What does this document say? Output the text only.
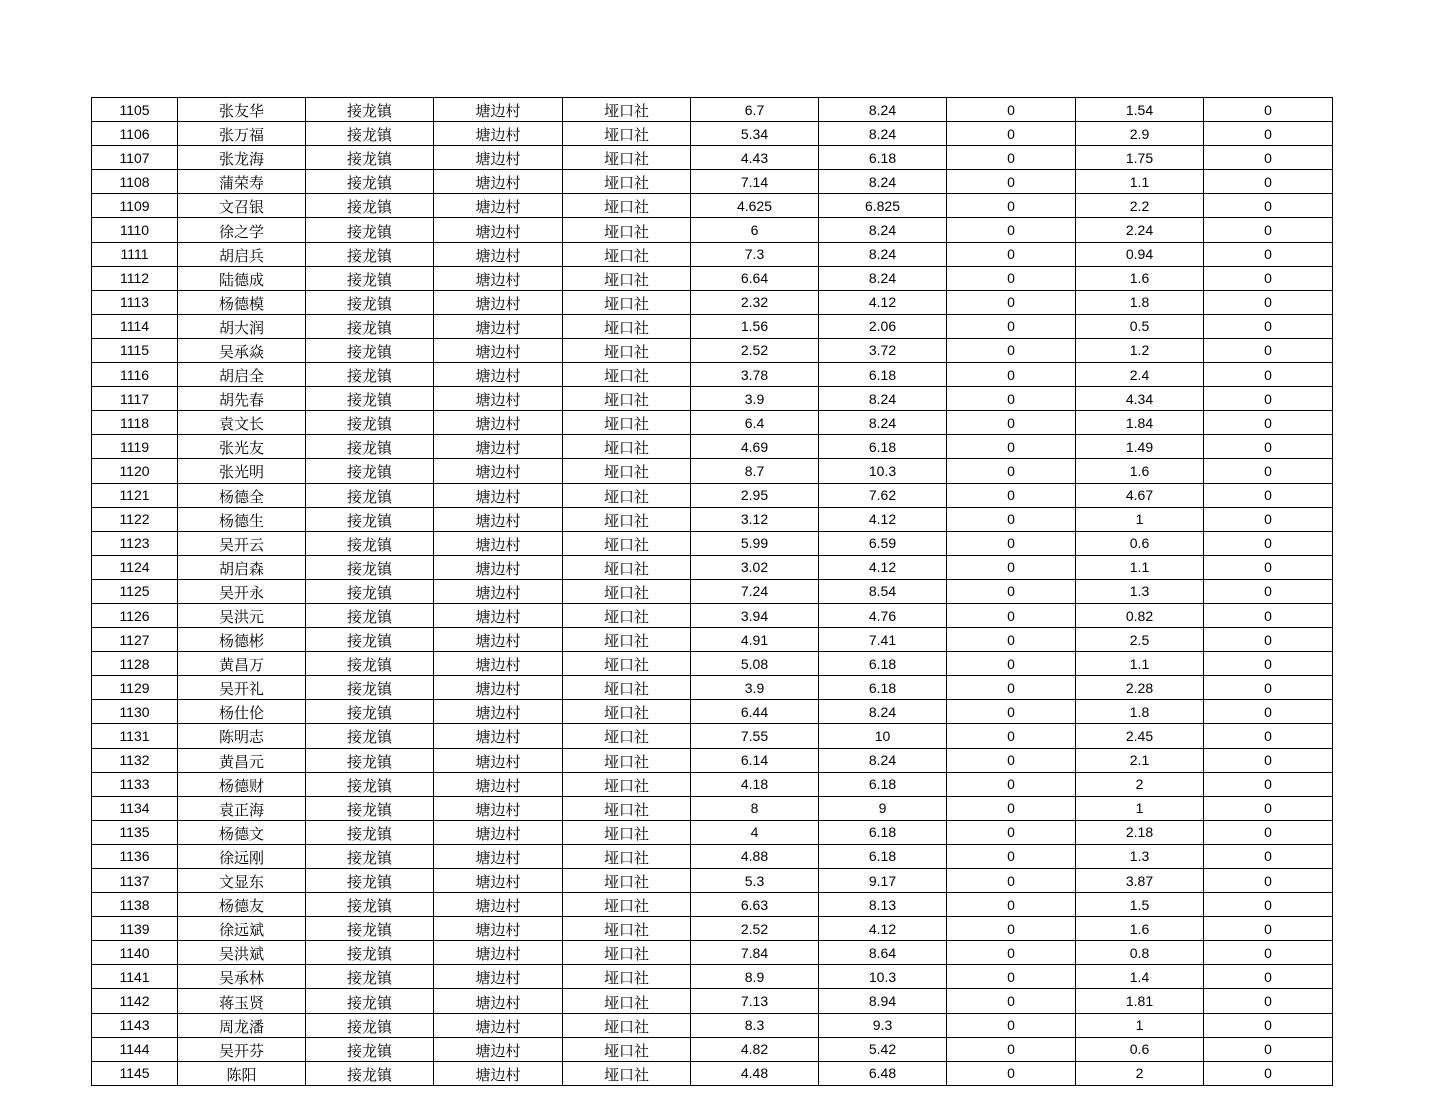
1105	张友华	接龙镇	塘边村	垭口社	6.7	8.24	0	1.54	0
1106	张万福	接龙镇	塘边村	垭口社	5.34	8.24	0	2.9	0
1107	张龙海	接龙镇	塘边村	垭口社	4.43	6.18	0	1.75	0
1108	蒲荣寿	接龙镇	塘边村	垭口社	7.14	8.24	0	1.1	0
1109	文召银	接龙镇	塘边村	垭口社	4.625	6.825	0	2.2	0
1110	徐之学	接龙镇	塘边村	垭口社	6	8.24	0	2.24	0
1111	胡启兵	接龙镇	塘边村	垭口社	7.3	8.24	0	0.94	0
1112	陆德成	接龙镇	塘边村	垭口社	6.64	8.24	0	1.6	0
1113	杨德模	接龙镇	塘边村	垭口社	2.32	4.12	0	1.8	0
1114	胡大润	接龙镇	塘边村	垭口社	1.56	2.06	0	0.5	0
1115	吴承焱	接龙镇	塘边村	垭口社	2.52	3.72	0	1.2	0
1116	胡启全	接龙镇	塘边村	垭口社	3.78	6.18	0	2.4	0
1117	胡先春	接龙镇	塘边村	垭口社	3.9	8.24	0	4.34	0
1118	袁文长	接龙镇	塘边村	垭口社	6.4	8.24	0	1.84	0
1119	张光友	接龙镇	塘边村	垭口社	4.69	6.18	0	1.49	0
1120	张光明	接龙镇	塘边村	垭口社	8.7	10.3	0	1.6	0
1121	杨德全	接龙镇	塘边村	垭口社	2.95	7.62	0	4.67	0
1122	杨德生	接龙镇	塘边村	垭口社	3.12	4.12	0	1	0
1123	吴开云	接龙镇	塘边村	垭口社	5.99	6.59	0	0.6	0
1124	胡启森	接龙镇	塘边村	垭口社	3.02	4.12	0	1.1	0
1125	吴开永	接龙镇	塘边村	垭口社	7.24	8.54	0	1.3	0
1126	吴洪元	接龙镇	塘边村	垭口社	3.94	4.76	0	0.82	0
1127	杨德彬	接龙镇	塘边村	垭口社	4.91	7.41	0	2.5	0
1128	黄昌万	接龙镇	塘边村	垭口社	5.08	6.18	0	1.1	0
1129	吴开礼	接龙镇	塘边村	垭口社	3.9	6.18	0	2.28	0
1130	杨仕伦	接龙镇	塘边村	垭口社	6.44	8.24	0	1.8	0
1131	陈明志	接龙镇	塘边村	垭口社	7.55	10	0	2.45	0
1132	黄昌元	接龙镇	塘边村	垭口社	6.14	8.24	0	2.1	0
1133	杨德财	接龙镇	塘边村	垭口社	4.18	6.18	0	2	0
1134	袁正海	接龙镇	塘边村	垭口社	8	9	0	1	0
1135	杨德文	接龙镇	塘边村	垭口社	4	6.18	0	2.18	0
1136	徐远刚	接龙镇	塘边村	垭口社	4.88	6.18	0	1.3	0
1137	文显东	接龙镇	塘边村	垭口社	5.3	9.17	0	3.87	0
1138	杨德友	接龙镇	塘边村	垭口社	6.63	8.13	0	1.5	0
1139	徐远斌	接龙镇	塘边村	垭口社	2.52	4.12	0	1.6	0
1140	吴洪斌	接龙镇	塘边村	垭口社	7.84	8.64	0	0.8	0
1141	吴承林	接龙镇	塘边村	垭口社	8.9	10.3	0	1.4	0
1142	蒋玉贤	接龙镇	塘边村	垭口社	7.13	8.94	0	1.81	0
1143	周龙潘	接龙镇	塘边村	垭口社	8.3	9.3	0	1	0
1144	吴开芬	接龙镇	塘边村	垭口社	4.82	5.42	0	0.6	0
1145	陈阳	接龙镇	塘边村	垭口社	4.48	6.48	0	2	0
